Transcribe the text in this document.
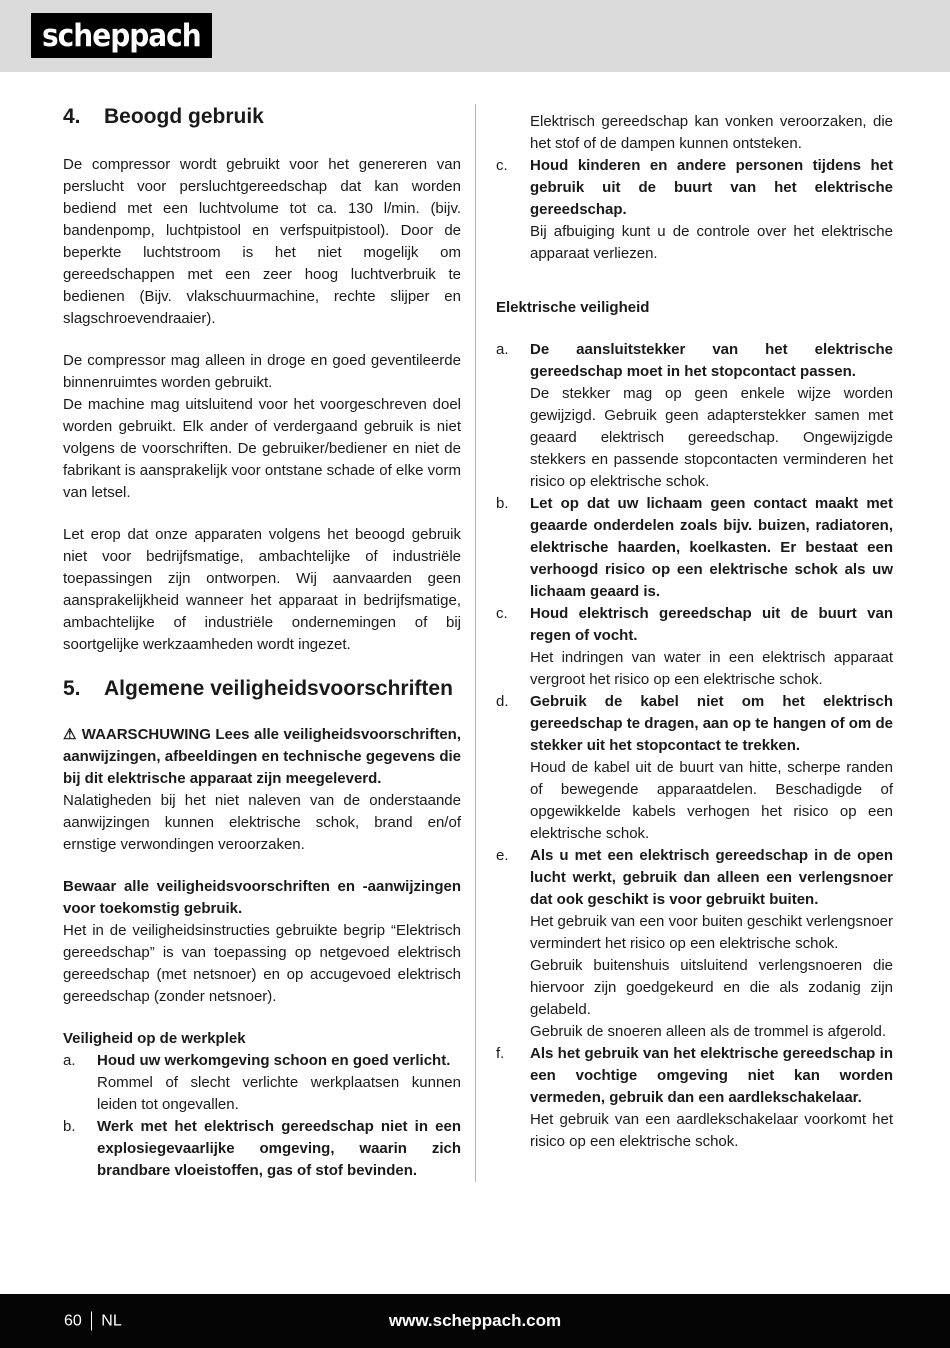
scheppach
4.	Beoogd gebruik

De compressor wordt gebruikt voor het genereren van perslucht voor persluchtgereedschap dat kan worden bediend met een luchtvolume tot ca. 130 l/min. (bijv. bandenpomp, luchtpistool en verfspuitpistool). Door de beperkte luchtstroom is het niet mogelijk om gereedschappen met een zeer hoog luchtverbruik te bedienen (Bijv. vlakschuurmachine, rechte slijper en slagschroevendraaier).

De compressor mag alleen in droge en goed geventileerde binnenruimtes worden gebruikt.

De machine mag uitsluitend voor het voorgeschreven doel worden gebruikt. Elk ander of verdergaand gebruik is niet volgens de voorschriften. De gebruiker/bediener en niet de fabrikant is aansprakelijk voor ontstane schade of elke vorm van letsel.

Let erop dat onze apparaten volgens het beoogd gebruik niet voor bedrijfsmatige, ambachtelijke of industriële toepassingen zijn ontworpen. Wij aanvaarden geen aansprakelijkheid wanneer het apparaat in bedrijfsmatige, ambachtelijke of industriële ondernemingen of bij soortgelijke werkzaamheden wordt ingezet.

5.	Algemene veiligheidsvoorschriften

⚠ WAARSCHUWING Lees alle veiligheidsvoorschriften, aanwijzingen, afbeeldingen en technische gegevens die bij dit elektrische apparaat zijn meegeleverd.

Nalatigheden bij het niet naleven van de onderstaande aanwijzingen kunnen elektrische schok, brand en/of ernstige verwondingen veroorzaken.

Bewaar alle veiligheidsvoorschriften en -aanwijzingen voor toekomstig gebruik.

Het in de veiligheidsinstructies gebruikte begrip “Elektrisch gereedschap” is van toepassing op netgevoed elektrisch gereedschap (met netsnoer) en op accugevoed elektrisch gereedschap (zonder netsnoer).

Veiligheid op de werkplek

a.	Houd uw werkomgeving schoon en goed verlicht.

Rommel of slecht verlichte werkplaatsen kunnen leiden tot ongevallen.

b.	Werk met het elektrisch gereedschap niet in een explosiegevaarlijke omgeving, waarin zich brandbare vloeistoffen, gas of stof bevinden.

Elektrisch gereedschap kan vonken veroorzaken, die het stof of de dampen kunnen ontsteken.

c.	Houd kinderen en andere personen tijdens het gebruik uit de buurt van het elektrische gereedschap.

Bij afbuiging kunt u de controle over het elektrische apparaat verliezen.

Elektrische veiligheid

a.	De aansluitstekker van het elektrische gereedschap moet in het stopcontact passen.

De stekker mag op geen enkele wijze worden gewijzigd. Gebruik geen adapterstekker samen met geaard elektrisch gereedschap. Ongewijzigde stekkers en passende stopcontacten verminderen het risico op elektrische schok.

b.	Let op dat uw lichaam geen contact maakt met geaarde onderdelen zoals bijv. buizen, radiatoren, elektrische haarden, koelkasten. Er bestaat een verhoogd risico op een elektrische schok als uw lichaam geaard is.

c.	Houd elektrisch gereedschap uit de buurt van regen of vocht.

Het indringen van water in een elektrisch apparaat vergroot het risico op een elektrische schok.

d.	Gebruik de kabel niet om het elektrisch gereedschap te dragen, aan op te hangen of om de stekker uit het stopcontact te trekken.

Houd de kabel uit de buurt van hitte, scherpe randen of bewegende apparaatdelen. Beschadigde of opgewikkelde kabels verhogen het risico op een elektrische schok.

e.	Als u met een elektrisch gereedschap in de open lucht werkt, gebruik dan alleen een verlengsnoer dat ook geschikt is voor gebruikt buiten.

Het gebruik van een voor buiten geschikt verlengsnoer vermindert het risico op een elektrische schok.

Gebruik buitenshuis uitsluitend verlengsnoeren die hiervoor zijn goedgekeurd en die als zodanig zijn gelabeld.

Gebruik de snoeren alleen als de trommel is afgerold.

f.	Als het gebruik van het elektrische gereedschap in een vochtige omgeving niet kan worden vermeden, gebruik dan een aardlekschakelaar.

Het gebruik van een aardlekschakelaar voorkomt het risico op een elektrische schok.

60 NL	www.scheppach.com
